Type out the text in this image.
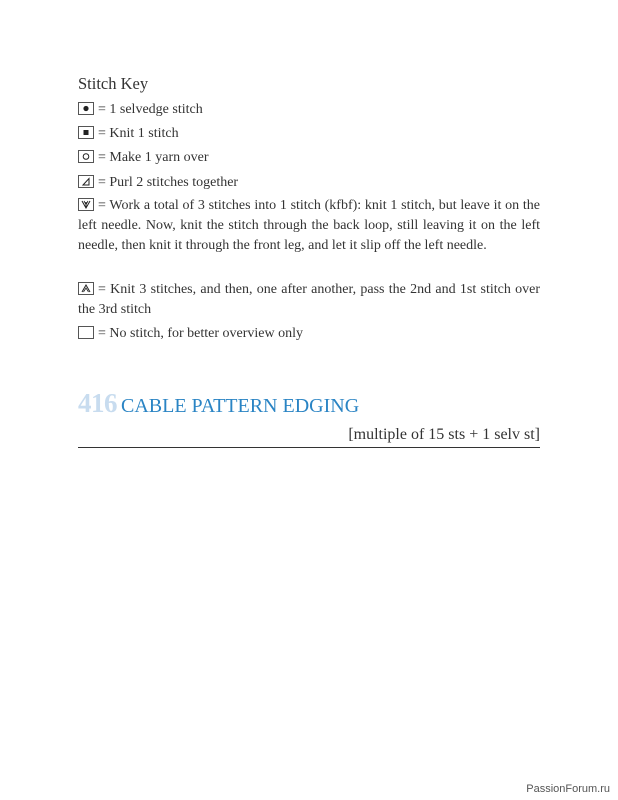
Stitch Key
= 1 selvedge stitch
= Knit 1 stitch
= Make 1 yarn over
= Purl 2 stitches together
= Work a total of 3 stitches into 1 stitch (kfbf): knit 1 stitch, but leave it on the left needle. Now, knit the stitch through the back loop, still leaving it on the left needle, then knit it through the front leg, and let it slip off the left needle.
= Knit 3 stitches, and then, one after another, pass the 2nd and 1st stitch over the 3rd stitch
= No stitch, for better overview only
416 CABLE PATTERN EDGING
[multiple of 15 sts + 1 selv st]
PassionForum.ru
